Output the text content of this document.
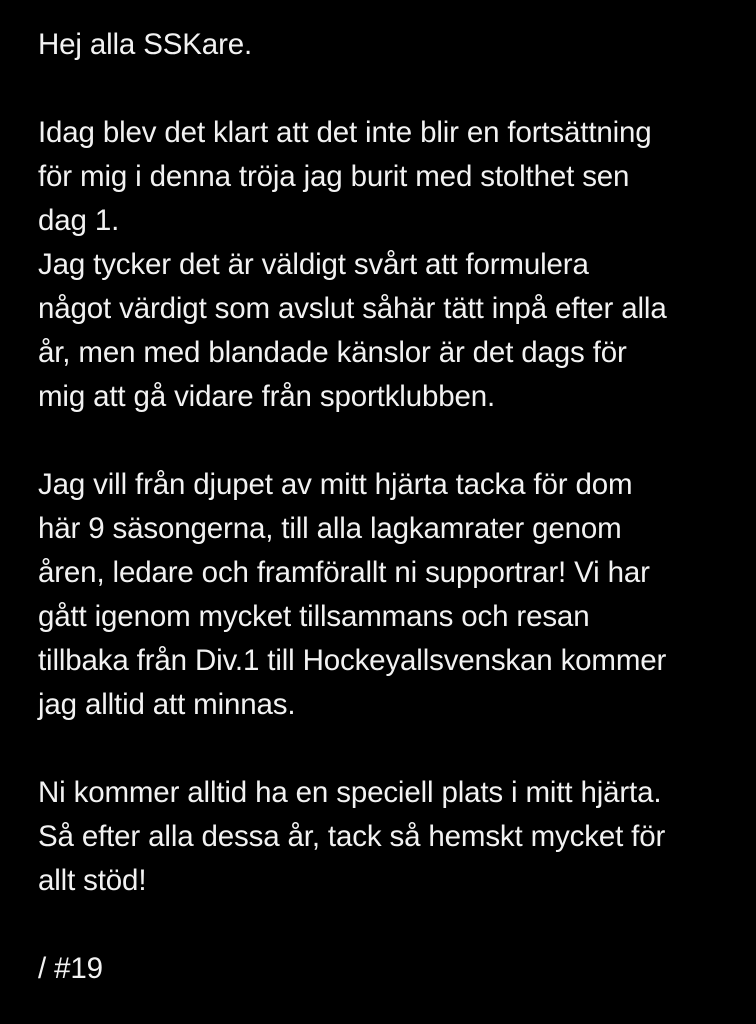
Hej alla SSKare.
Idag blev det klart att det inte blir en fortsättning
för mig i denna tröja jag burit med stolthet sen
dag 1.
Jag tycker det är väldigt svårt att formulera
något värdigt som avslut såhär tätt inpå efter alla
år, men med blandade känslor är det dags för
mig att gå vidare från sportklubben.
Jag vill från djupet av mitt hjärta tacka för dom
här 9 säsongerna, till alla lagkamrater genom
åren, ledare och framförallt ni supportrar! Vi har
gått igenom mycket tillsammans och resan
tillbaka från Div.1 till Hockeyallsvenskan kommer
jag alltid att minnas.
Ni kommer alltid ha en speciell plats i mitt hjärta.
Så efter alla dessa år, tack så hemskt mycket för
allt stöd!
/ #19
